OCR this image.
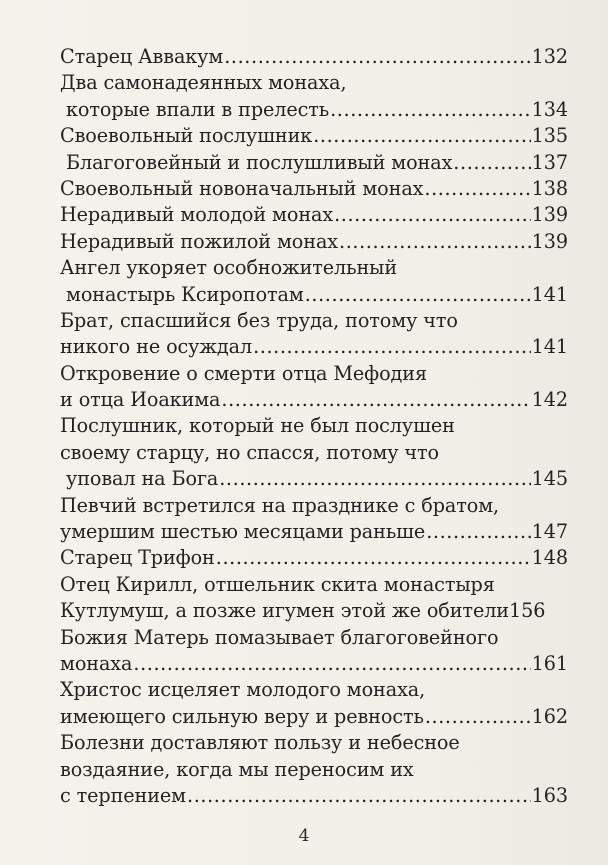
Старец Аввакум .....	132
Два самонадеянных монаха,
которые впали в прелесть .....	134
Своевольный послушник .....	135
Благоговейный и послушливый монах .....	137
Своевольный новоначальный монах .....	138
Нерадивый молодой монах .....	139
Нерадивый пожилой монах .....	139
Ангел укоряет особножительный
монастырь Ксиропотам .....	141
Брат, спасшийся без труда, потому что
никого не осуждал .....	141
Откровение о смерти отца Мефодия
и отца Иоакима .....	142
Послушник, который не был послушен
своему старцу, но спасся, потому что
уповал на Бога .....	145
Певчий встретился на празднике с братом,
умершим шестью месяцами раньше .....	147
Старец Трифон .....	148
Отец Кирилл, отшельник скита монастыря
Кутлумуш, а позже игумен этой же обители 156
Божия Матерь помазывает благоговейного
монаха .....	161
Христос исцеляет молодого монаха,
имеющего сильную веру и ревность .....	162
Болезни доставляют пользу и небесное
воздаяние, когда мы переносим их
с терпением .....	163
4
